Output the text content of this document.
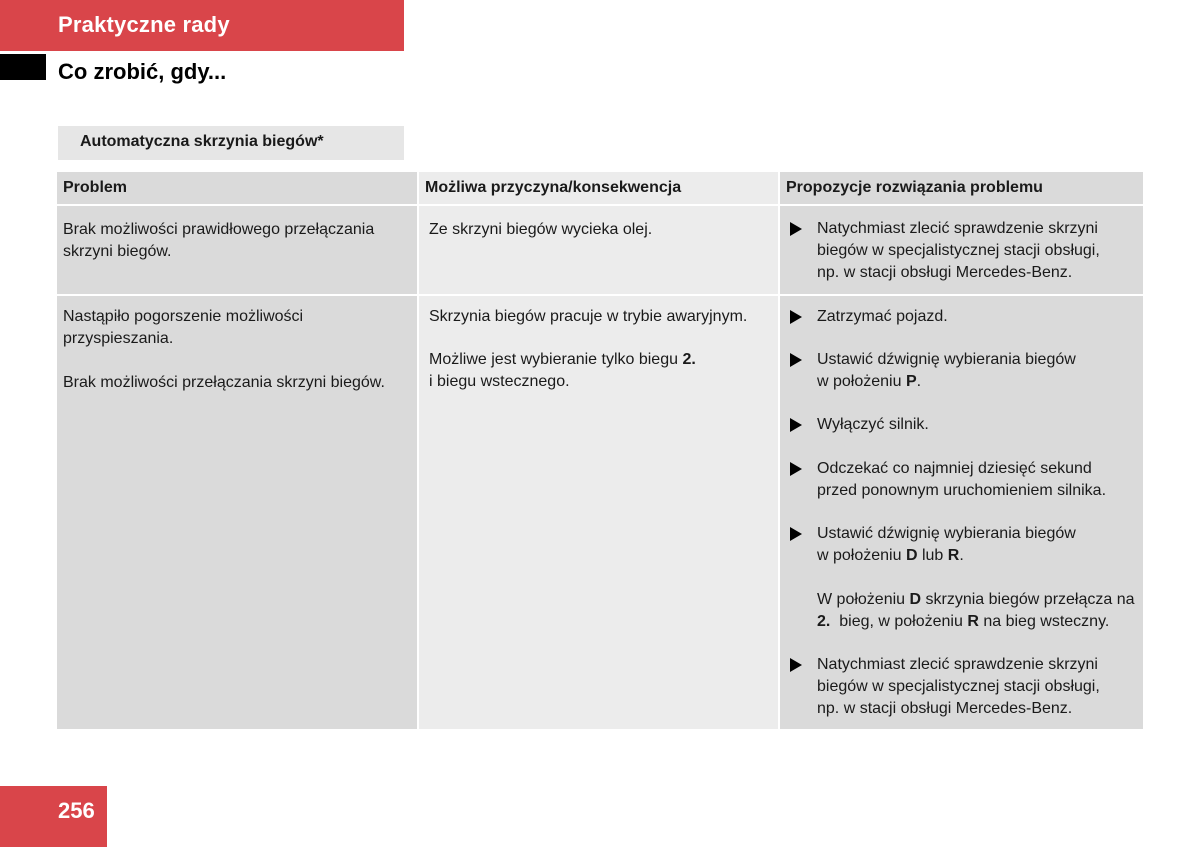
Praktyczne rady
Co zrobić, gdy...
Automatyczna skrzynia biegów*
Problem	Możliwa przyczyna/konsekwencja	Propozycje rozwiązania problemu
Brak możliwości prawidłowego przełączania
skrzyni biegów.
Ze skrzyni biegów wycieka olej.
Nastąpiło pogorszenie możliwości
przyspieszania.
Brak możliwości przełączania skrzyni biegów.
Skrzynia biegów pracuje w trybie awaryjnym.
Możliwe jest wybieranie tylko biegu 2.
i biegu wstecznego.
Natychmiast zlecić sprawdzenie skrzyni
biegów w specjalistycznej stacji obsługi,
np. w stacji obsługi Mercedes-Benz.
Zatrzymać pojazd.
Ustawić dźwignię wybierania biegów
w położeniu P.
Wyłączyć silnik.
Odczekać co najmniej dziesięć sekund
przed ponownym uruchomieniem silnika.
Ustawić dźwignię wybierania biegów
w położeniu D lub R.
W położeniu D skrzynia biegów przełącza na
2. bieg, w położeniu R na bieg wsteczny.
Natychmiast zlecić sprawdzenie skrzyni
biegów w specjalistycznej stacji obsługi,
np. w stacji obsługi Mercedes-Benz.
256
